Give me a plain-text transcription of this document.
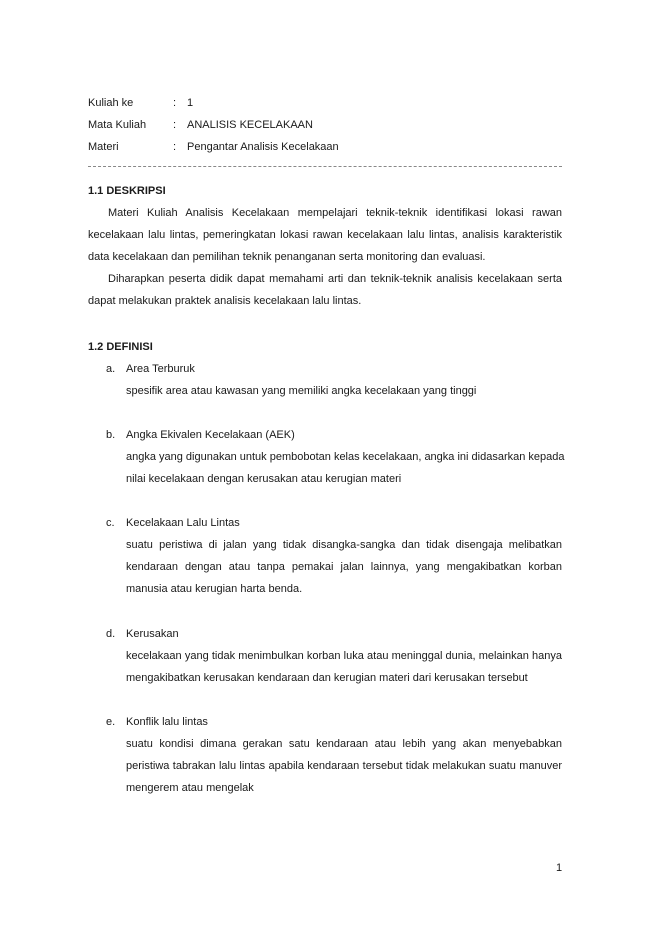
Kuliah ke	: 1
Mata Kuliah	: ANALISIS KECELAKAAN
Materi	: Pengantar Analisis Kecelakaan
1.1 DESKRIPSI
Materi Kuliah Analisis Kecelakaan mempelajari teknik-teknik identifikasi lokasi rawan
kecelakaan lalu lintas, pemeringkatan lokasi rawan kecelakaan lalu lintas, analisis karakteristik
data kecelakaan dan pemilihan teknik penanganan serta monitoring dan evaluasi.
Diharapkan peserta didik dapat memahami arti dan teknik-teknik analisis kecelakaan serta
dapat melakukan praktek analisis kecelakaan lalu lintas.
1.2 DEFINISI
a. Area Terburuk
spesifik area atau kawasan yang memiliki angka kecelakaan yang tinggi
b. Angka Ekivalen Kecelakaan (AEK)
angka yang digunakan untuk pembobotan kelas kecelakaan, angka ini didasarkan kepada
nilai kecelakaan dengan kerusakan atau kerugian materi
c.	Kecelakaan Lalu Lintas
suatu peristiwa di jalan yang tidak disangka-sangka dan tidak disengaja melibatkan
kendaraan dengan atau tanpa pemakai jalan lainnya, yang mengakibatkan korban
manusia atau kerugian harta benda.
d. Kerusakan
kecelakaan yang tidak menimbulkan korban luka atau meninggal dunia, melainkan hanya
mengakibatkan kerusakan kendaraan dan kerugian materi dari kerusakan tersebut
e. Konflik lalu lintas
suatu kondisi dimana gerakan satu kendaraan atau lebih yang akan menyebabkan
peristiwa tabrakan lalu lintas apabila kendaraan tersebut tidak melakukan suatu manuver
mengerem atau mengelak
1
